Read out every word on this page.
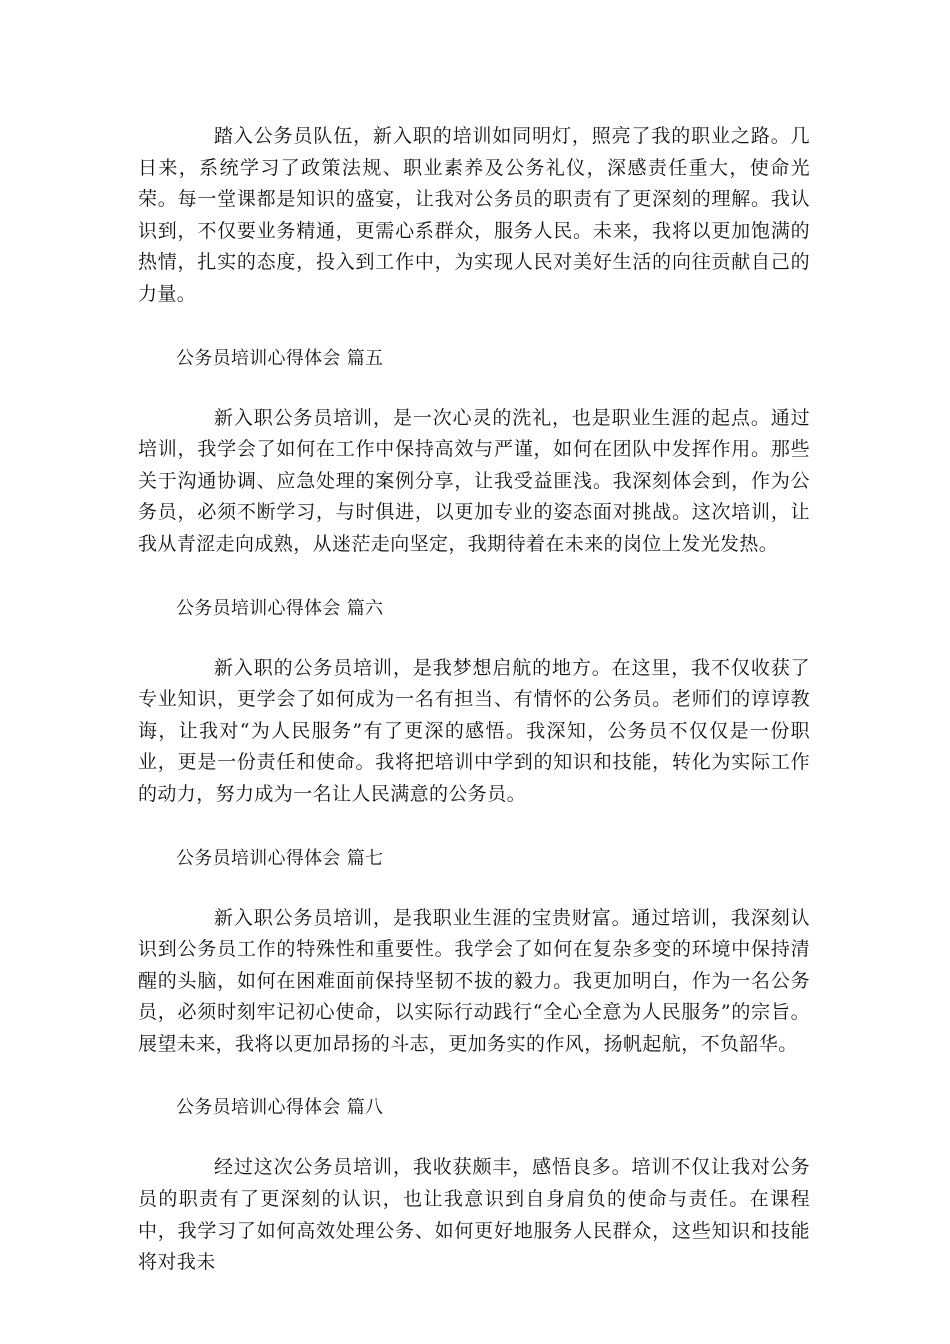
踏入公务员队伍，新入职的培训如同明灯，照亮了我的职业之路。几日来，系统学习了政策法规、职业素养及公务礼仪，深感责任重大，使命光荣。每一堂课都是知识的盛宴，让我对公务员的职责有了更深刻的理解。我认识到，不仅要业务精通，更需心系群众，服务人民。未来，我将以更加饱满的热情，扎实的态度，投入到工作中，为实现人民对美好生活的向往贡献自己的力量。

公务员培训心得体会 篇五

新入职公务员培训，是一次心灵的洗礼，也是职业生涯的起点。通过培训，我学会了如何在工作中保持高效与严谨，如何在团队中发挥作用。那些关于沟通协调、应急处理的案例分享，让我受益匪浅。我深刻体会到，作为公务员，必须不断学习，与时俱进，以更加专业的姿态面对挑战。这次培训，让我从青涩走向成熟，从迷茫走向坚定，我期待着在未来的岗位上发光发热。

公务员培训心得体会 篇六

新入职的公务员培训，是我梦想启航的地方。在这里，我不仅收获了专业知识，更学会了如何成为一名有担当、有情怀的公务员。老师们的谆谆教诲，让我对“为人民服务”有了更深的感悟。我深知，公务员不仅仅是一份职业，更是一份责任和使命。我将把培训中学到的知识和技能，转化为实际工作的动力，努力成为一名让人民满意的公务员。

公务员培训心得体会 篇七

新入职公务员培训，是我职业生涯的宝贵财富。通过培训，我深刻认识到公务员工作的特殊性和重要性。我学会了如何在复杂多变的环境中保持清醒的头脑，如何在困难面前保持坚韧不拔的毅力。我更加明白，作为一名公务员，必须时刻牢记初心使命，以实际行动践行“全心全意为人民服务”的宗旨。展望未来，我将以更加昂扬的斗志，更加务实的作风，扬帆起航，不负韶华。

公务员培训心得体会 篇八

经过这次公务员培训，我收获颇丰，感悟良多。培训不仅让我对公务员的职责有了更深刻的认识，也让我意识到自身肩负的使命与责任。在课程中，我学习了如何高效处理公务、如何更好地服务人民群众，这些知识和技能将对我未
